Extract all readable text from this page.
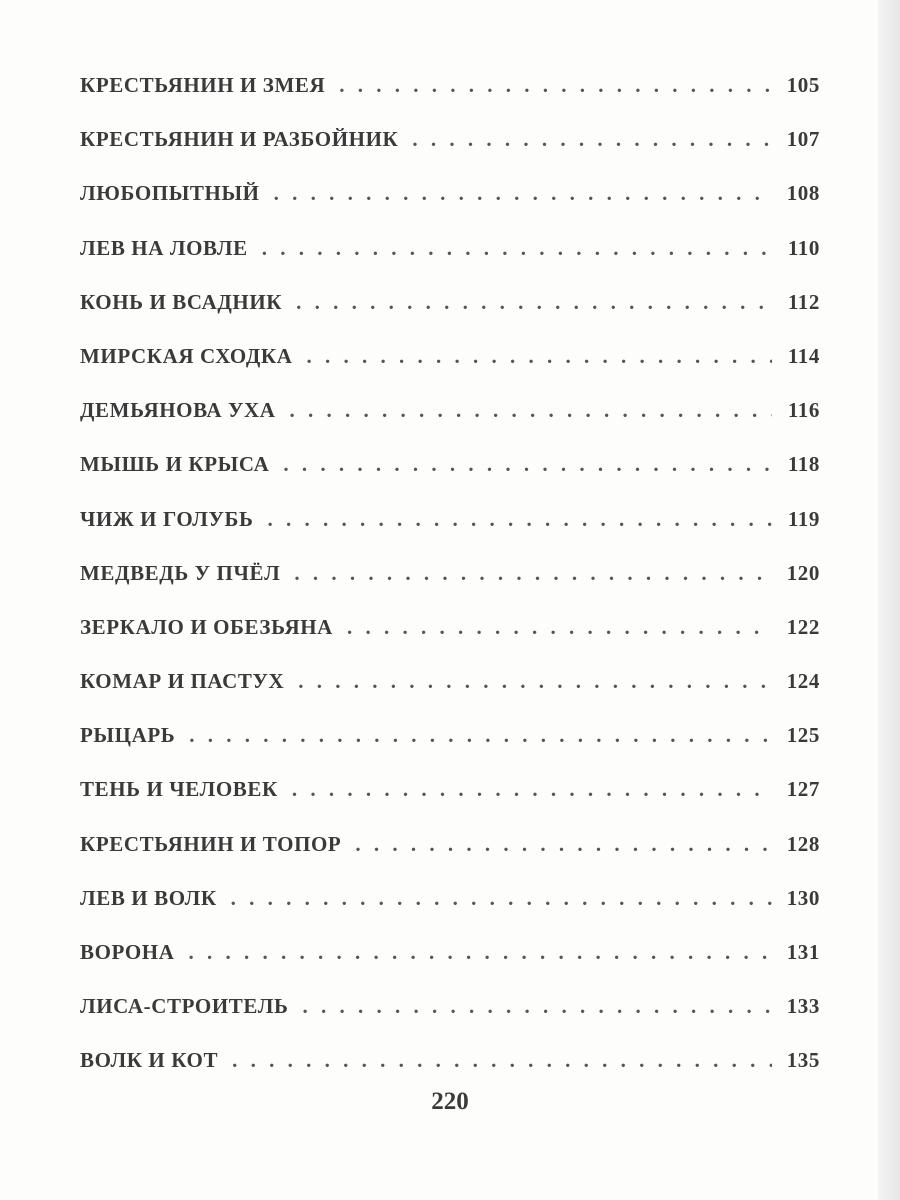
КРЕСТЬЯНИН И ЗМЕЯ . . .	105
КРЕСТЬЯНИН И РАЗБОЙНИК . . .	107
ЛЮБОПЫТНЫЙ . . .	108
ЛЕВ НА ЛОВЛЕ . . .	110
КОНЬ И ВСАДНИК . . .	112
МИРСКАЯ СХОДКА . . .	114
ДЕМЬЯНОВА УХА . . .	116
МЫШЬ И КРЫСА . . .	118
ЧИЖ И ГОЛУБЬ . . .	119
МЕДВЕДЬ У ПЧЁЛ . . .	120
ЗЕРКАЛО И ОБЕЗЬЯНА . . .	122
КОМАР И ПАСТУХ . . .	124
РЫЦАРЬ . . .	125
ТЕНЬ И ЧЕЛОВЕК . . .	127
КРЕСТЬЯНИН И ТОПОР . . .	128
ЛЕВ И ВОЛК . . .	130
ВОРОНА . . .	131
ЛИСА-СТРОИТЕЛЬ . . .	133
ВОЛК И КОТ . . .	135
220
